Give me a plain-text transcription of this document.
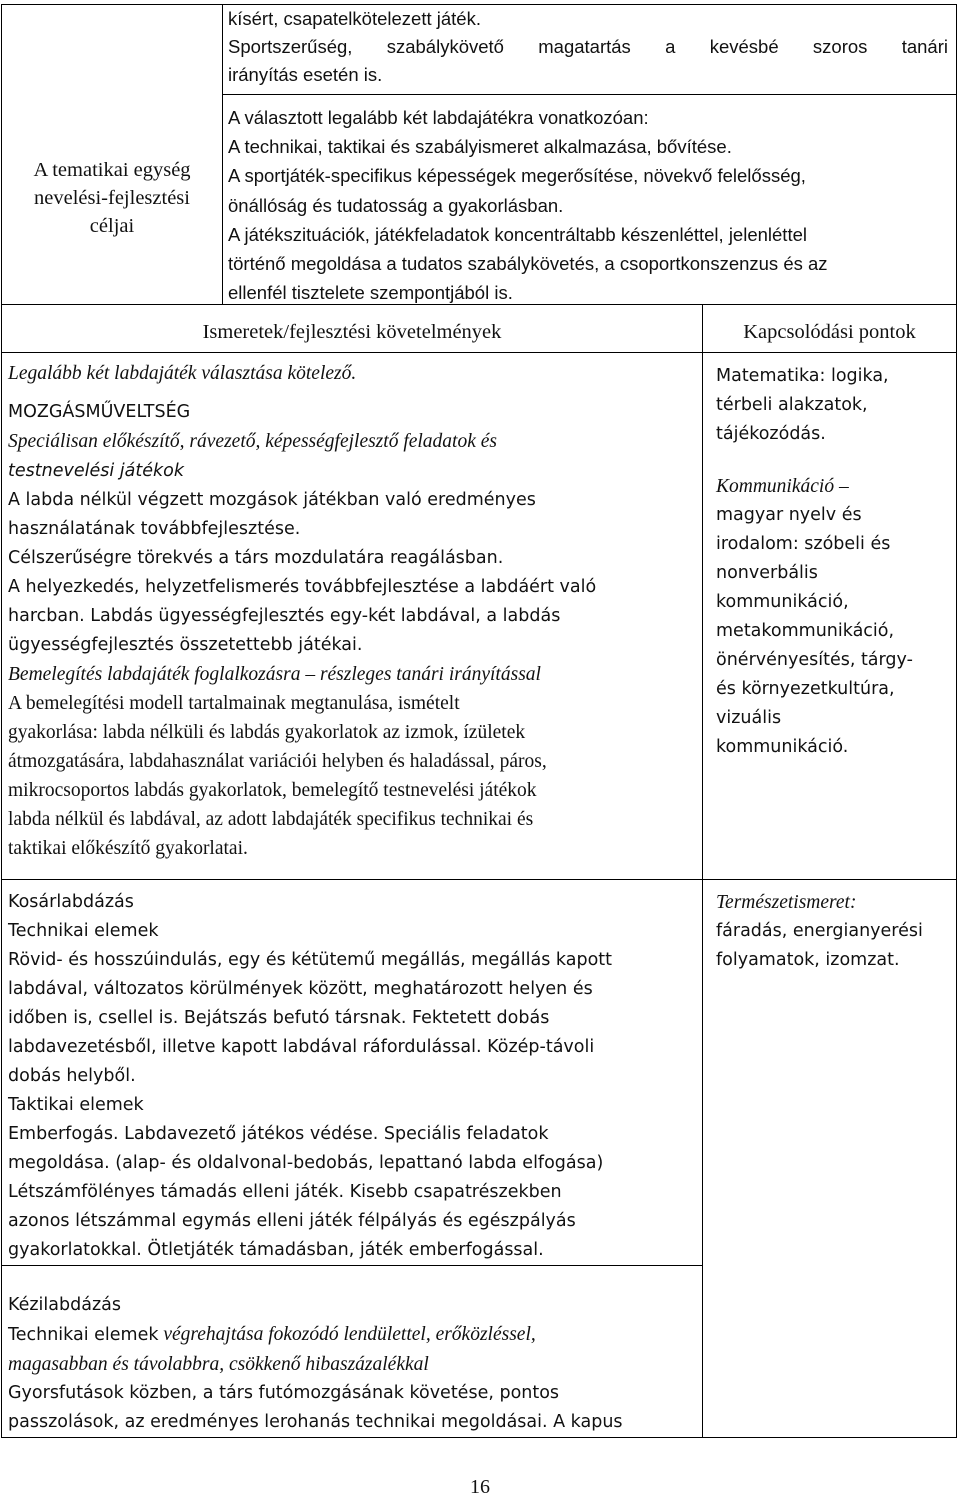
A tematikai egység
nevelési-fejlesztési
céljai
kísért, csapatelkötelezett játék.
Sportszerűség, szabálykövető magatartás a kevésbé szoros tanári
irányítás esetén is.
A választott legalább két labdajátékra vonatkozóan:
A technikai, taktikai és szabályismeret alkalmazása, bővítése.
A sportjáték-specifikus képességek megerősítése, növekvő felelősség,
önállóság és tudatosság a gyakorlásban.
A játékszituációk, játékfeladatok koncentráltabb készenléttel, jelenléttel
történő megoldása a tudatos szabálykövetés, a csoportkonszenzus és az
ellenfél tisztelete szempontjából is.
Ismeretek/fejlesztési követelmények	Kapcsolódási pontok
Legalább két labdajáték választása kötelező.
MOZGÁSMŰVELTSÉG
Speciálisan előkészítő, rávezető, képességfejlesztő feladatok és
testnevelési játékok
A labda nélkül végzett mozgások játékban való eredményes
használatának továbbfejlesztése.
Célszerűségre törekvés a társ mozdulatára reagálásban.
A helyezkedés, helyzetfelismerés továbbfejlesztése a labdáért való
harcban. Labdás ügyességfejlesztés egy-két labdával, a labdás
ügyességfejlesztés összetettebb játékai.
Bemelegítés labdajáték foglalkozásra – részleges tanári irányítással
A bemelegítési modell tartalmainak megtanulása, ismételt
gyakorlása: labda nélküli és labdás gyakorlatok az izmok, ízületek
átmozgatására, labdahasználat variációi helyben és haladással, páros,
mikrocsoportos labdás gyakorlatok, bemelegítő testnevelési játékok
labda nélkül és labdával, az adott labdajáték specifikus technikai és
taktikai előkészítő gyakorlatai.
Kosárlabdázás
Technikai elemek
Rövid- és hosszúindulás, egy és kétütemű megállás, megállás kapott
labdával, változatos körülmények között, meghatározott helyen és
időben is, csellel is. Bejátszás befutó társnak. Fektetett dobás
labdavezetésből, illetve kapott labdával ráfordulással. Közép-távoli
dobás helyből.
Taktikai elemek
Emberfogás. Labdavezető játékos védése. Speciális feladatok
megoldása. (alap- és oldalvonal-bedobás, lepattanó labda elfogása)
Létszámfölényes támadás elleni játék. Kisebb csapatrészekben
azonos létszámmal egymás elleni játék félpályás és egészpályás
gyakorlatokkal. Ötletjáték támadásban, játék emberfogással.
Kézilabdázás
Technikai elemek végrehajtása fokozódó lendülettel, erőközléssel,
magasabban és távolabbra, csökkenő hibaszázalékkal
Gyorsfutások közben, a társ futómozgásának követése, pontos
passzolások, az eredményes lerohanás technikai megoldásai. A kapus
Matematika: logika,
térbeli alakzatok,
tájékozódás.
Kommunikáció –
magyar nyelv és
irodalom: szóbeli és
nonverbális
kommunikáció,
metakommunikáció,
önérvényesítés, tárgy-
és környezetkultúra,
vizuális
kommunikáció.
Természetismeret:
fáradás, energianyerési
folyamatok, izomzat.
16
